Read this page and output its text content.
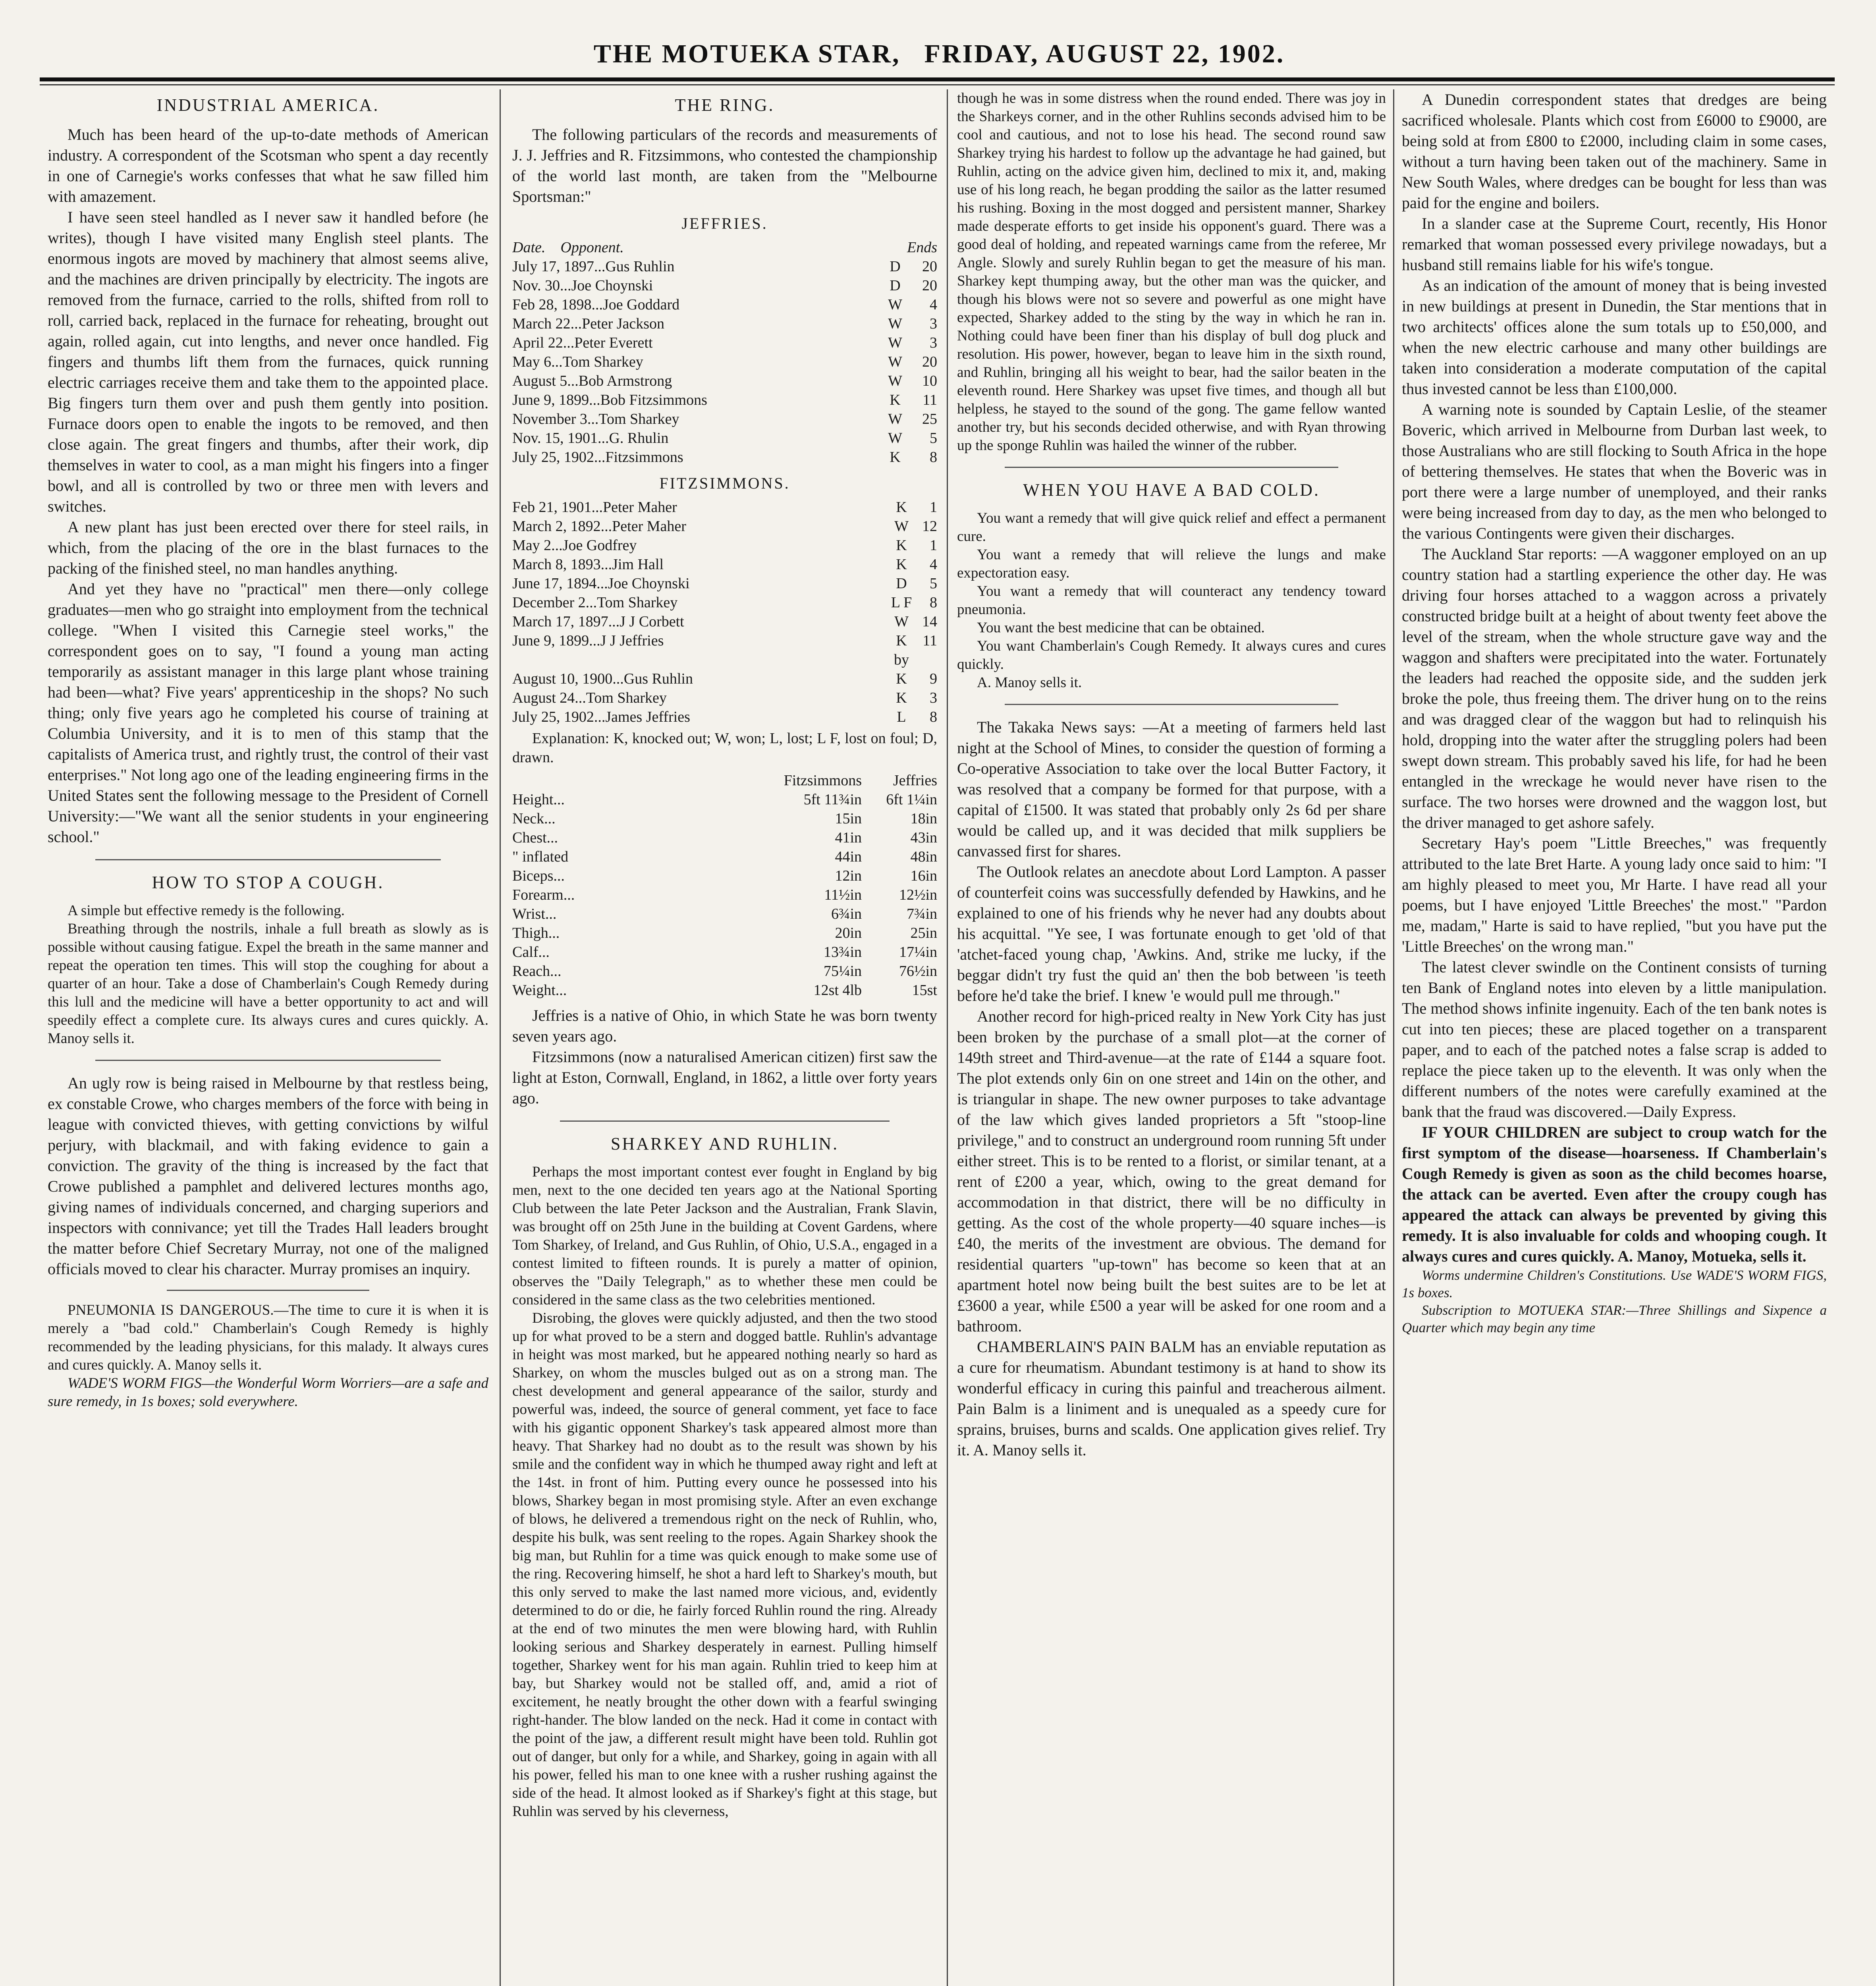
THE MOTUEKA STAR, FRIDAY, AUGUST 22, 1902.
INDUSTRIAL AMERICA.

Much has been heard of the up-to-date methods of American industry. A correspondent of the Scotsman who spent a day recently in one of Carnegie's works confesses that what he saw filled him with amazement.

I have seen steel handled as I never saw it handled before (he writes), though I have visited many English steel plants. The enormous ingots are moved by machinery that almost seems alive, and the machines are driven principally by electricity. The ingots are removed from the furnace, carried to the rolls, shifted from roll to roll, carried back, replaced in the furnace for reheating, brought out again, rolled again, cut into lengths, and never once handled. Fig fingers and thumbs lift them from the furnaces, quick running electric carriages receive them and take them to the appointed place. Big fingers turn them over and push them gently into position. Furnace doors open to enable the ingots to be removed, and then close again. The great fingers and thumbs, after their work, dip themselves in water to cool, as a man might his fingers into a finger bowl, and all is controlled by two or three men with levers and switches.

A new plant has just been erected over there for steel rails, in which, from the placing of the ore in the blast furnaces to the packing of the finished steel, no man handles anything.

And yet they have no "practical" men there—only college graduates—men who go straight into employment from the technical college. "When I visited this Carnegie steel works," the correspondent goes on to say, "I found a young man acting temporarily as assistant manager in this large plant whose training had been—what? Five years' apprenticeship in the shops? No such thing; only five years ago he completed his course of training at Columbia University, and it is to men of this stamp that the capitalists of America trust, and rightly trust, the control of their vast enterprises." Not long ago one of the leading engineering firms in the United States sent the following message to the President of Cornell University:—"We want all the senior students in your engineering school."

HOW TO STOP A COUGH.

A simple but effective remedy is the following.

Breathing through the nostrils, inhale a full breath as slowly as is possible without causing fatigue. Expel the breath in the same manner and repeat the operation ten times. This will stop the coughing for about a quarter of an hour. Take a dose of Chamberlain's Cough Remedy during this lull and the medicine will have a better opportunity to act and will speedily effect a complete cure. Its always cures and cures quickly. A. Manoy sells it.

An ugly row is being raised in Melbourne by that restless being, ex constable Crowe, who charges members of the force with being in league with convicted thieves, with getting convictions by wilful perjury, with blackmail, and with faking evidence to gain a conviction. The gravity of the thing is increased by the fact that Crowe published a pamphlet and delivered lectures months ago, giving names of individuals concerned, and charging superiors and inspectors with connivance; yet till the Trades Hall leaders brought the matter before Chief Secretary Murray, not one of the maligned officials moved to clear his character. Murray promises an inquiry.

PNEUMONIA IS DANGEROUS.—The time to cure it is when it is merely a "bad cold." Chamberlain's Cough Remedy is highly recommended by the leading physicians, for this malady. It always cures and cures quickly. A. Manoy sells it.

WADE'S WORM FIGS—the Wonderful Worm Worriers—are a safe and sure remedy, in 1s boxes; sold everywhere.

THE RING.

The following particulars of the records and measurements of J. J. Jeffries and R. Fitzsimmons, who contested the championship of the world last month, are taken from the "Melbourne Sportsman:"

JEFFRIES.
Date. Opponent.		Ends
July 17, 1897...Gus Ruhlin	D	20
Nov. 30...Joe Choynski	D	20
Feb 28, 1898...Joe Goddard	W	4
March 22...Peter Jackson	W	3
April 22...Peter Everett	W	3
May 6...Tom Sharkey	W	20
August 5...Bob Armstrong	W	10
June 9, 1899...Bob Fitzsimmons	K	11
November 3...Tom Sharkey	W	25
Nov. 15, 1901...G. Rhulin	W	5
July 25, 1902...Fitzsimmons	K	8
FITZSIMMONS.
Feb 21, 1901...Peter Maher	K	1
March 2, 1892...Peter Maher	W	12
May 2...Joe Godfrey	K	1
March 8, 1893...Jim Hall	K	4
June 17, 1894...Joe Choynski	D	5
December 2...Tom Sharkey	L F	8
March 17, 1897...J J Corbett	W	14
June 9, 1899...J J Jeffries	K by	11
August 10, 1900...Gus Ruhlin	K	9
August 24...Tom Sharkey	K	3
July 25, 1902...James Jeffries	L	8
Explanation: K, knocked out; W, won; L, lost; L F, lost on foul; D, drawn.
	Fitzsimmons	Jeffries
Height...	5ft 11¾in	6ft 1¼in
Neck...	15in	18in
Chest...	41in	43in
" inflated	44in	48in
Biceps...	12in	16in
Forearm...	11½in	12½in
Wrist...	6¾in	7¾in
Thigh...	20in	25in
Calf...	13¾in	17¼in
Reach...	75¼in	76½in
Weight...	12st 4lb	15st

Jeffries is a native of Ohio, in which State he was born twenty seven years ago.

Fitzsimmons (now a naturalised American citizen) first saw the light at Eston, Cornwall, England, in 1862, a little over forty years ago.

SHARKEY AND RUHLIN.

Perhaps the most important contest ever fought in England by big men, next to the one decided ten years ago at the National Sporting Club between the late Peter Jackson and the Australian, Frank Slavin, was brought off on 25th June in the building at Covent Gardens, where Tom Sharkey, of Ireland, and Gus Ruhlin, of Ohio, U.S.A., engaged in a contest limited to fifteen rounds. It is purely a matter of opinion, observes the "Daily Telegraph," as to whether these men could be considered in the same class as the two celebrities mentioned.

Disrobing, the gloves were quickly adjusted, and then the two stood up for what proved to be a stern and dogged battle. Ruhlin's advantage in height was most marked, but he appeared nothing nearly so hard as Sharkey, on whom the muscles bulged out as on a strong man. The chest development and general appearance of the sailor, sturdy and powerful was, indeed, the source of general comment, yet face to face with his gigantic opponent Sharkey's task appeared almost more than heavy. That Sharkey had no doubt as to the result was shown by his smile and the confident way in which he thumped away right and left at the 14st. in front of him. Putting every ounce he possessed into his blows, Sharkey began in most promising style. After an even exchange of blows, he delivered a tremendous right on the neck of Ruhlin, who, despite his bulk, was sent reeling to the ropes. Again Sharkey shook the big man, but Ruhlin for a time was quick enough to make some use of the ring. Recovering himself, he shot a hard left to Sharkey's mouth, but this only served to make the last named more vicious, and, evidently determined to do or die, he fairly forced Ruhlin round the ring. Already at the end of two minutes the men were blowing hard, with Ruhlin looking serious and Sharkey desperately in earnest. Pulling himself together, Sharkey went for his man again. Ruhlin tried to keep him at bay, but Sharkey would not be stalled off, and, amid a riot of excitement, he neatly brought the other down with a fearful swinging right-hander. The blow landed on the neck. Had it come in contact with the point of the jaw, a different result might have been told. Ruhlin got out of danger, but only for a while, and Sharkey, going in again with all his power, felled his man to one knee with a rusher rushing against the side of the head. It almost looked as if Sharkey's fight at this stage, but Ruhlin was served by his cleverness,

though he was in some distress when the round ended. There was joy in the Sharkeys corner, and in the other Ruhlins seconds advised him to be cool and cautious, and not to lose his head. The second round saw Sharkey trying his hardest to follow up the advantage he had gained, but Ruhlin, acting on the advice given him, declined to mix it, and, making use of his long reach, he began prodding the sailor as the latter resumed his rushing. Boxing in the most dogged and persistent manner, Sharkey made desperate efforts to get inside his opponent's guard. There was a good deal of holding, and repeated warnings came from the referee, Mr Angle. Slowly and surely Ruhlin began to get the measure of his man. Sharkey kept thumping away, but the other man was the quicker, and though his blows were not so severe and powerful as one might have expected, Sharkey added to the sting by the way in which he ran in. Nothing could have been finer than his display of bull dog pluck and resolution. His power, however, began to leave him in the sixth round, and Ruhlin, bringing all his weight to bear, had the sailor beaten in the eleventh round. Here Sharkey was upset five times, and though all but helpless, he stayed to the sound of the gong. The game fellow wanted another try, but his seconds decided otherwise, and with Ryan throwing up the sponge Ruhlin was hailed the winner of the rubber.

WHEN YOU HAVE A BAD COLD.

You want a remedy that will give quick relief and effect a permanent cure.

You want a remedy that will relieve the lungs and make expectoration easy.

You want a remedy that will counteract any tendency toward pneumonia.

You want the best medicine that can be obtained.

You want Chamberlain's Cough Remedy. It always cures and cures quickly.

A. Manoy sells it.

The Takaka News says: —At a meeting of farmers held last night at the School of Mines, to consider the question of forming a Co-operative Association to take over the local Butter Factory, it was resolved that a company be formed for that purpose, with a capital of £1500. It was stated that probably only 2s 6d per share would be called up, and it was decided that milk suppliers be canvassed first for shares.

The Outlook relates an anecdote about Lord Lampton. A passer of counterfeit coins was successfully defended by Hawkins, and he explained to one of his friends why he never had any doubts about his acquittal. "Ye see, I was fortunate enough to get 'old of that 'atchet-faced young chap, 'Awkins. And, strike me lucky, if the beggar didn't try fust the quid an' then the bob between 'is teeth before he'd take the brief. I knew 'e would pull me through."

Another record for high-priced realty in New York City has just been broken by the purchase of a small plot—at the corner of 149th street and Third-avenue—at the rate of £144 a square foot. The plot extends only 6in on one street and 14in on the other, and is triangular in shape. The new owner purposes to take advantage of the law which gives landed proprietors a 5ft "stoop-line privilege," and to construct an underground room running 5ft under either street. This is to be rented to a florist, or similar tenant, at a rent of £200 a year, which, owing to the great demand for accommodation in that district, there will be no difficulty in getting. As the cost of the whole property—40 square inches—is £40, the merits of the investment are obvious. The demand for residential quarters "up-town" has become so keen that at an apartment hotel now being built the best suites are to be let at £3600 a year, while £500 a year will be asked for one room and a bathroom.

CHAMBERLAIN'S PAIN BALM has an enviable reputation as a cure for rheumatism. Abundant testimony is at hand to show its wonderful efficacy in curing this painful and treacherous ailment. Pain Balm is a liniment and is unequaled as a speedy cure for sprains, bruises, burns and scalds. One application gives relief. Try it. A. Manoy sells it.

A Dunedin correspondent states that dredges are being sacrificed wholesale. Plants which cost from £6000 to £9000, are being sold at from £800 to £2000, including claim in some cases, without a turn having been taken out of the machinery. Same in New South Wales, where dredges can be bought for less than was paid for the engine and boilers.

In a slander case at the Supreme Court, recently, His Honor remarked that woman possessed every privilege nowadays, but a husband still remains liable for his wife's tongue.

As an indication of the amount of money that is being invested in new buildings at present in Dunedin, the Star mentions that in two architects' offices alone the sum totals up to £50,000, and when the new electric carhouse and many other buildings are taken into consideration a moderate computation of the capital thus invested cannot be less than £100,000.

A warning note is sounded by Captain Leslie, of the steamer Boveric, which arrived in Melbourne from Durban last week, to those Australians who are still flocking to South Africa in the hope of bettering themselves. He states that when the Boveric was in port there were a large number of unemployed, and their ranks were being increased from day to day, as the men who belonged to the various Contingents were given their discharges.

The Auckland Star reports: —A waggoner employed on an up country station had a startling experience the other day. He was driving four horses attached to a waggon across a privately constructed bridge built at a height of about twenty feet above the level of the stream, when the whole structure gave way and the waggon and shafters were precipitated into the water. Fortunately the leaders had reached the opposite side, and the sudden jerk broke the pole, thus freeing them. The driver hung on to the reins and was dragged clear of the waggon but had to relinquish his hold, dropping into the water after the struggling polers had been swept down stream. This probably saved his life, for had he been entangled in the wreckage he would never have risen to the surface. The two horses were drowned and the waggon lost, but the driver managed to get ashore safely.

Secretary Hay's poem "Little Breeches," was frequently attributed to the late Bret Harte. A young lady once said to him: "I am highly pleased to meet you, Mr Harte. I have read all your poems, but I have enjoyed 'Little Breeches' the most." "Pardon me, madam," Harte is said to have replied, "but you have put the 'Little Breeches' on the wrong man."

The latest clever swindle on the Continent consists of turning ten Bank of England notes into eleven by a little manipulation. The method shows infinite ingenuity. Each of the ten bank notes is cut into ten pieces; these are placed together on a transparent paper, and to each of the patched notes a false scrap is added to replace the piece taken up to the eleventh. It was only when the different numbers of the notes were carefully examined at the bank that the fraud was discovered.—Daily Express.

IF YOUR CHILDREN are subject to croup watch for the first symptom of the disease—hoarseness. If Chamberlain's Cough Remedy is given as soon as the child becomes hoarse, the attack can be averted. Even after the croupy cough has appeared the attack can always be prevented by giving this remedy. It is also invaluable for colds and whooping cough. It always cures and cures quickly. A. Manoy, Motueka, sells it.

Worms undermine Children's Constitutions. Use WADE'S WORM FIGS, 1s boxes.

Subscription to MOTUEKA STAR:—Three Shillings and Sixpence a Quarter which may begin any time
